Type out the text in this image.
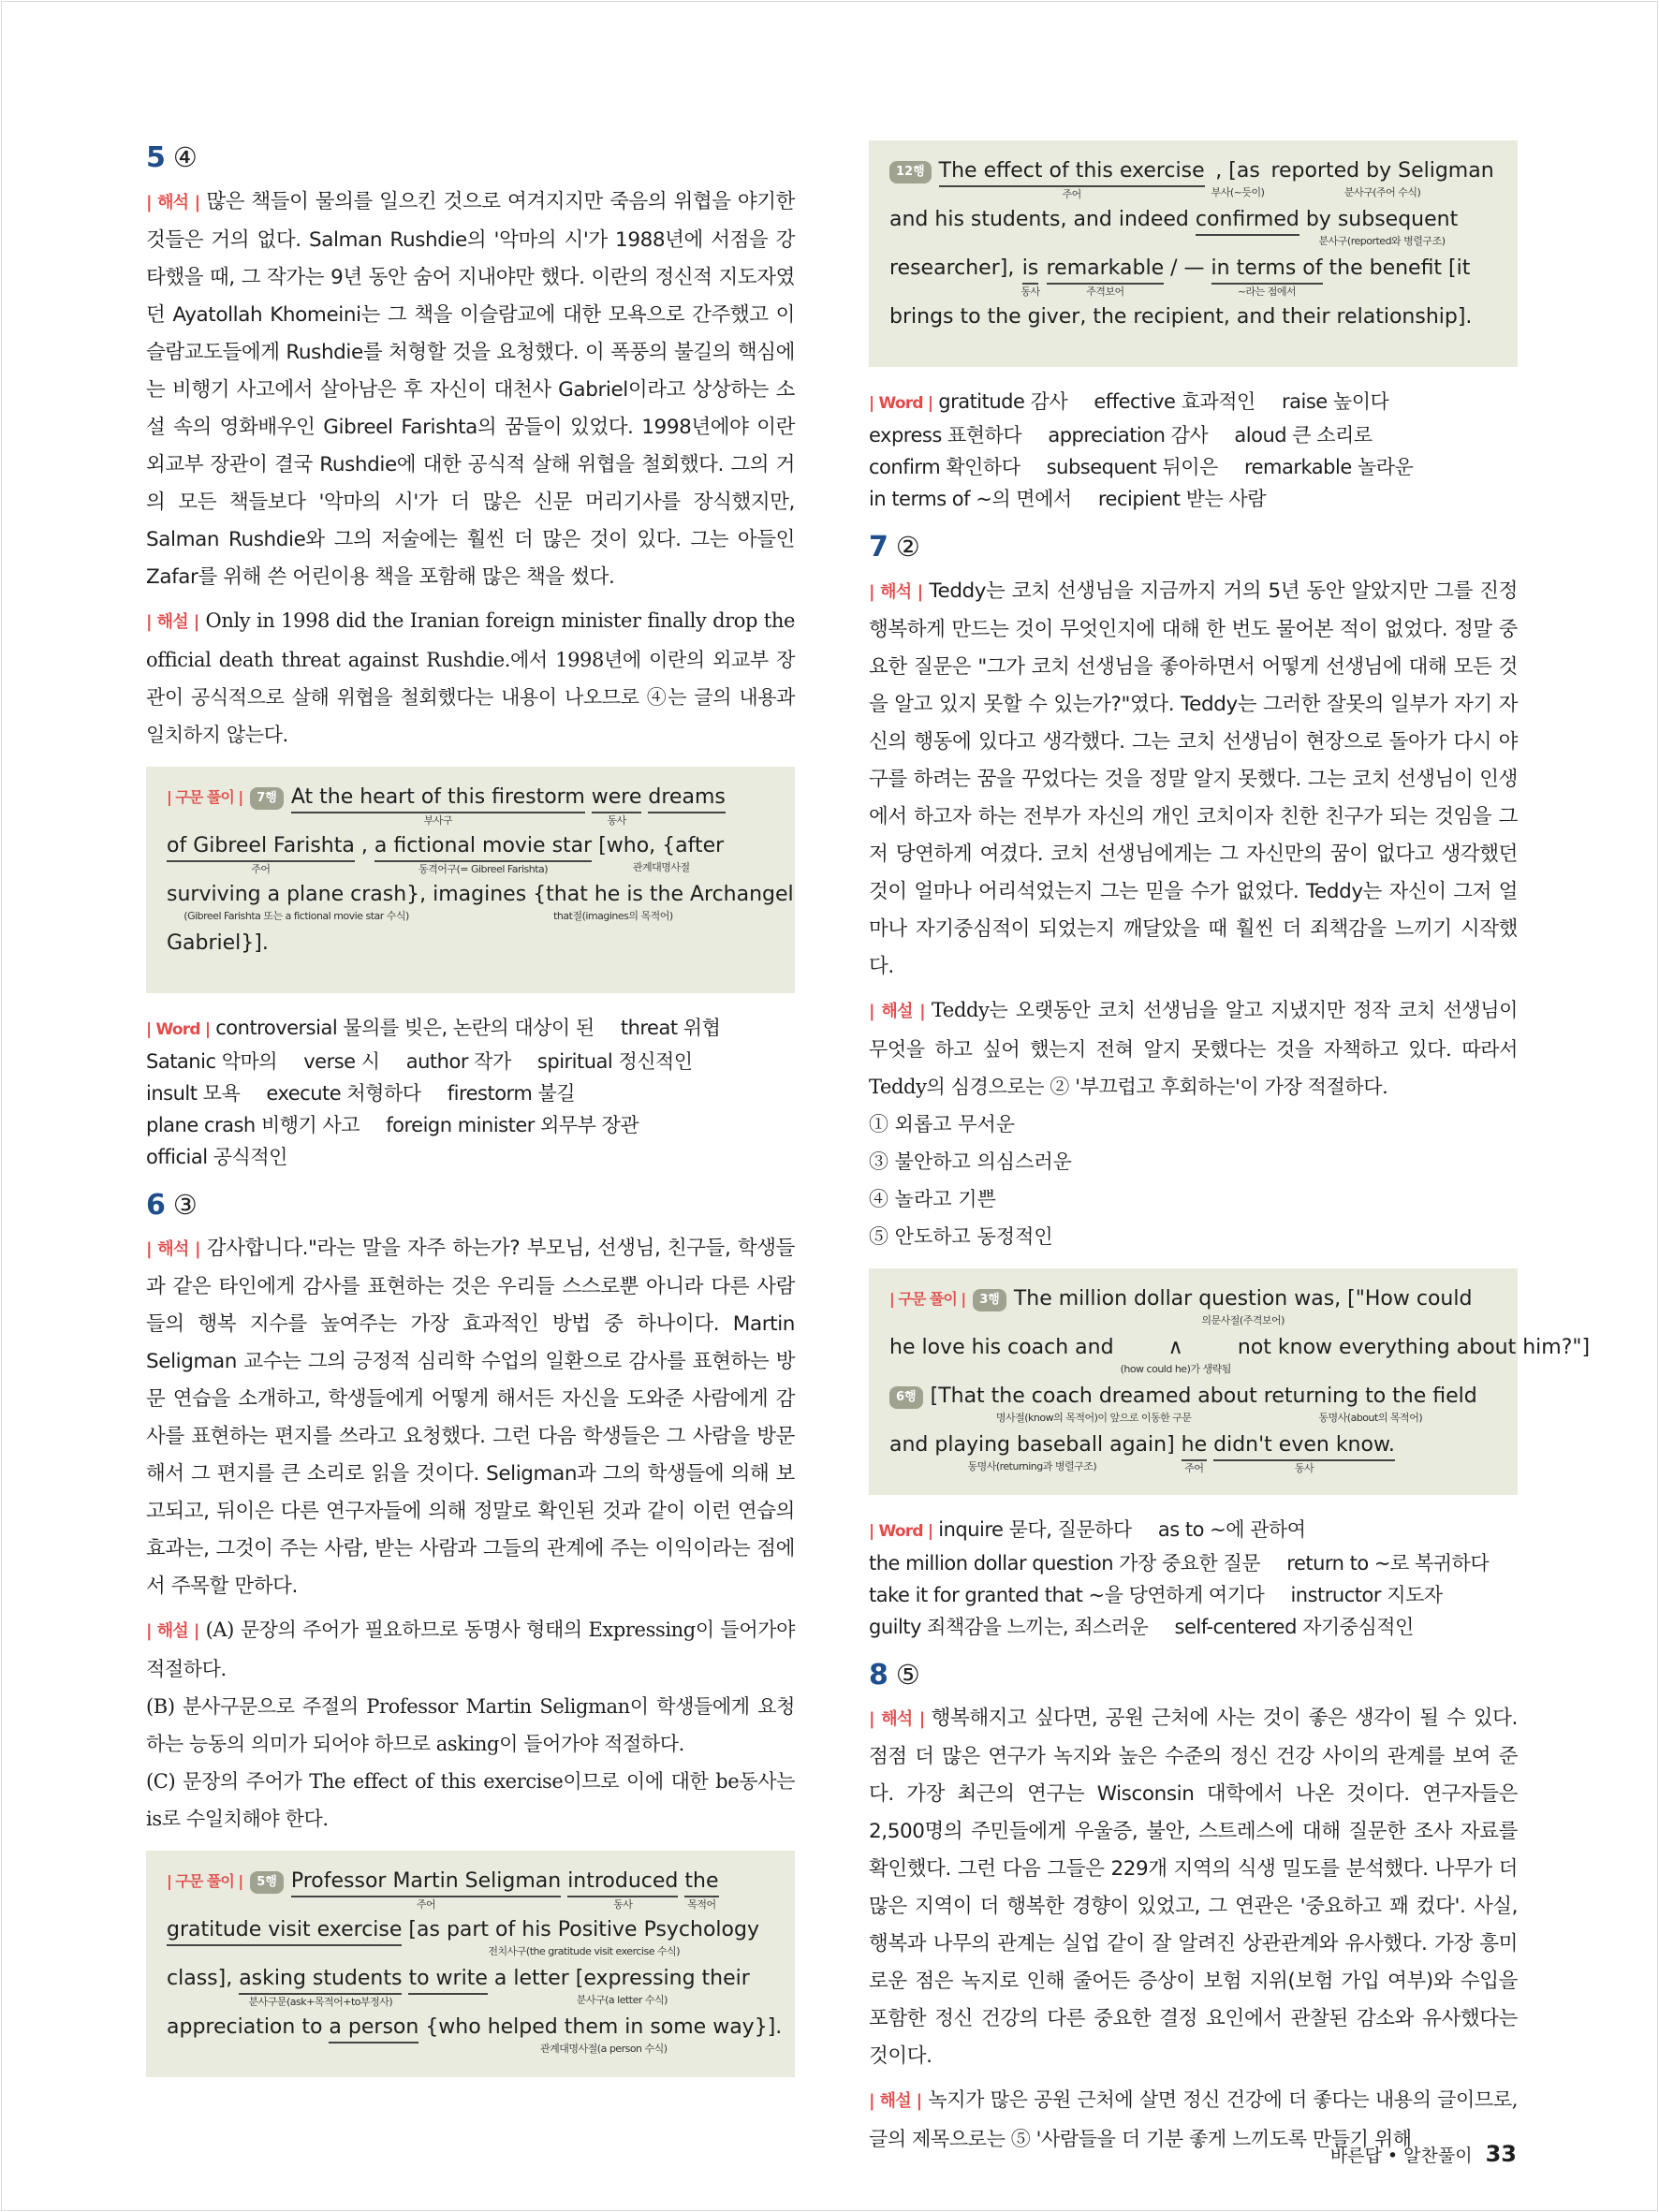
5 ④

| 해석 | 많은 책들이 물의를 일으킨 것으로 여겨지지만 죽음의 위협을 야기한 것들은 거의 없다. Salman Rushdie의 '악마의 시'가 1988년에 서점을 강타했을 때, 그 작가는 9년 동안 숨어 지내야만 했다. 이란의 정신적 지도자였던 Ayatollah Khomeini는 그 책을 이슬람교에 대한 모욕으로 간주했고 이슬람교도들에게 Rushdie를 처형할 것을 요청했다. 이 폭풍의 불길의 핵심에는 비행기 사고에서 살아남은 후 자신이 대천사 Gabriel이라고 상상하는 소설 속의 영화배우인 Gibreel Farishta의 꿈들이 있었다. 1998년에야 이란 외교부 장관이 결국 Rushdie에 대한 공식적 살해 위협을 철회했다. 그의 거의 모든 책들보다 '악마의 시'가 더 많은 신문 머리기사를 장식했지만, Salman Rushdie와 그의 저술에는 훨씬 더 많은 것이 있다. 그는 아들인 Zafar를 위해 쓴 어린이용 책을 포함해 많은 책을 썼다.

| 해설 | Only in 1998 did the Iranian foreign minister finally drop the official death threat against Rushdie.에서 1998년에 이란의 외교부 장관이 공식적으로 살해 위협을 철회했다는 내용이 나오므로 ④는 글의 내용과 일치하지 않는다.

| 구문 풀이 |	7행 At the heart of this firestorm
부사구
were
동사
dreams
of Gibreel Farishta
주어
, a fictional movie star
동격어구(= Gibreel Farishta)
[who, {after
관계대명사절
surviving a plane crash},
(Gibreel Farishta 또는 a fictional movie star 수식)
imagines {that he is the Archangel
that절(imagines의 목적어)
Gabriel}].
| Word | controversial 물의를 빚은, 논란의 대상이 된 threat 위협 Satanic 악마의 verse 시 author 작가 spiritual 정신적인 insult 모욕 execute 처형하다 firestorm 불길 plane crash 비행기 사고 foreign minister 외무부 장관 official 공식적인
6 ③

| 해석 | 감사합니다."라는 말을 자주 하는가? 부모님, 선생님, 친구들, 학생들과 같은 타인에게 감사를 표현하는 것은 우리들 스스로뿐 아니라 다른 사람들의 행복 지수를 높여주는 가장 효과적인 방법 중 하나이다. Martin Seligman 교수는 그의 긍정적 심리학 수업의 일환으로 감사를 표현하는 방문 연습을 소개하고, 학생들에게 어떻게 해서든 자신을 도와준 사람에게 감사를 표현하는 편지를 쓰라고 요청했다. 그런 다음 학생들은 그 사람을 방문해서 그 편지를 큰 소리로 읽을 것이다. Seligman과 그의 학생들에 의해 보고되고, 뒤이은 다른 연구자들에 의해 정말로 확인된 것과 같이 이런 연습의 효과는, 그것이 주는 사람, 받는 사람과 그들의 관계에 주는 이익이라는 점에서 주목할 만하다.

| 해설 | (A) 문장의 주어가 필요하므로 동명사 형태의 Expressing이 들어가야 적절하다.
(B) 분사구문으로 주절의 Professor Martin Seligman이 학생들에게 요청하는 능동의 의미가 되어야 하므로 asking이 들어가야 적절하다.
(C) 문장의 주어가 The effect of this exercise이므로 이에 대한 be동사는 is로 수일치해야 한다.
| 구문 풀이 |	5행 Professor Martin Seligman
주어
introduced
동사
the
목적어
gratitude visit exercise [as part of his Positive Psychology
전치사구(the gratitude visit exercise 수식)
class], asking students
분사구문(ask+목적어+to부정사)
to write a letter [expressing their
분사구(a letter 수식)
appreciation to a person {who helped them in some way}].
관계대명사절(a person 수식)
12행 The effect of this exercise
주어
, [as
부사(~듯이)
reported by Seligman
분사구(주어 수식)
and his students, and indeed confirmed by subsequent
분사구(reported와 병렬구조)
researcher], is
동사
remarkable
주격보어
/ — in terms of
~라는 점에서
the benefit [it
brings to the giver, the recipient, and their relationship].
| Word | gratitude 감사 effective 효과적인 raise 높이다 express 표현하다 appreciation 감사 aloud 큰 소리로 confirm 확인하다 subsequent 뒤이은 remarkable 놀라운 in terms of ~의 면에서 recipient 받는 사람
7 ②

| 해석 | Teddy는 코치 선생님을 지금까지 거의 5년 동안 알았지만 그를 진정 행복하게 만드는 것이 무엇인지에 대해 한 번도 물어본 적이 없었다. 정말 중요한 질문은 "그가 코치 선생님을 좋아하면서 어떻게 선생님에 대해 모든 것을 알고 있지 못할 수 있는가?"였다. Teddy는 그러한 잘못의 일부가 자기 자신의 행동에 있다고 생각했다. 그는 코치 선생님이 현장으로 돌아가 다시 야구를 하려는 꿈을 꾸었다는 것을 정말 알지 못했다. 그는 코치 선생님이 인생에서 하고자 하는 전부가 자신의 개인 코치이자 친한 친구가 되는 것임을 그저 당연하게 여겼다. 코치 선생님에게는 그 자신만의 꿈이 없다고 생각했던 것이 얼마나 어리석었는지 그는 믿을 수가 없었다. Teddy는 자신이 그저 얼마나 자기중심적이 되었는지 깨달았을 때 훨씬 더 죄책감을 느끼기 시작했다.

| 해설 | Teddy는 오랫동안 코치 선생님을 알고 지냈지만 정작 코치 선생님이 무엇을 하고 싶어 했는지 전혀 알지 못했다는 것을 자책하고 있다. 따라서 Teddy의 심경으로는 ② '부끄럽고 후회하는'이 가장 적절하다.

① 외롭고 무서운
③ 불안하고 의심스러운
④ 놀라고 기쁜
⑤ 안도하고 동정적인
| 구문 풀이 |	3행 The million dollar question was, ["How could
의문사절(주격보어)
he love his coach and	∧
(how could he)가 생략됨
not know everything about him?"]
6행 [That the coach dreamed about
명사절(know의 목적어)이 앞으로 이동한 구문
returning to the field
동명사(about의 목적어)
and playing baseball again]
동명사(returning과 병렬구조)
he
주어
didn't even know.
동사
| Word | inquire 묻다, 질문하다 as to ~에 관하여 the million dollar question 가장 중요한 질문 return to ~로 복귀하다 take it for granted that ~을 당연하게 여기다 instructor 지도자 guilty 죄책감을 느끼는, 죄스러운 self-centered 자기중심적인
8 ⑤

| 해석 | 행복해지고 싶다면, 공원 근처에 사는 것이 좋은 생각이 될 수 있다. 점점 더 많은 연구가 녹지와 높은 수준의 정신 건강 사이의 관계를 보여 준다. 가장 최근의 연구는 Wisconsin 대학에서 나온 것이다. 연구자들은 2,500명의 주민들에게 우울증, 불안, 스트레스에 대해 질문한 조사 자료를 확인했다. 그런 다음 그들은 229개 지역의 식생 밀도를 분석했다. 나무가 더 많은 지역이 더 행복한 경향이 있었고, 그 연관은 '중요하고 꽤 컸다'. 사실, 행복과 나무의 관계는 실업 같이 잘 알려진 상관관계와 유사했다. 가장 흥미로운 점은 녹지로 인해 줄어든 증상이 보험 지위(보험 가입 여부)와 수입을 포함한 정신 건강의 다른 중요한 결정 요인에서 관찰된 감소와 유사했다는 것이다.

| 해설 | 녹지가 많은 공원 근처에 살면 정신 건강에 더 좋다는 내용의 글이므로, 글의 제목으로는 ⑤ '사람들을 더 기분 좋게 느끼도록 만들기 위해

바른답 • 알찬풀이 33
